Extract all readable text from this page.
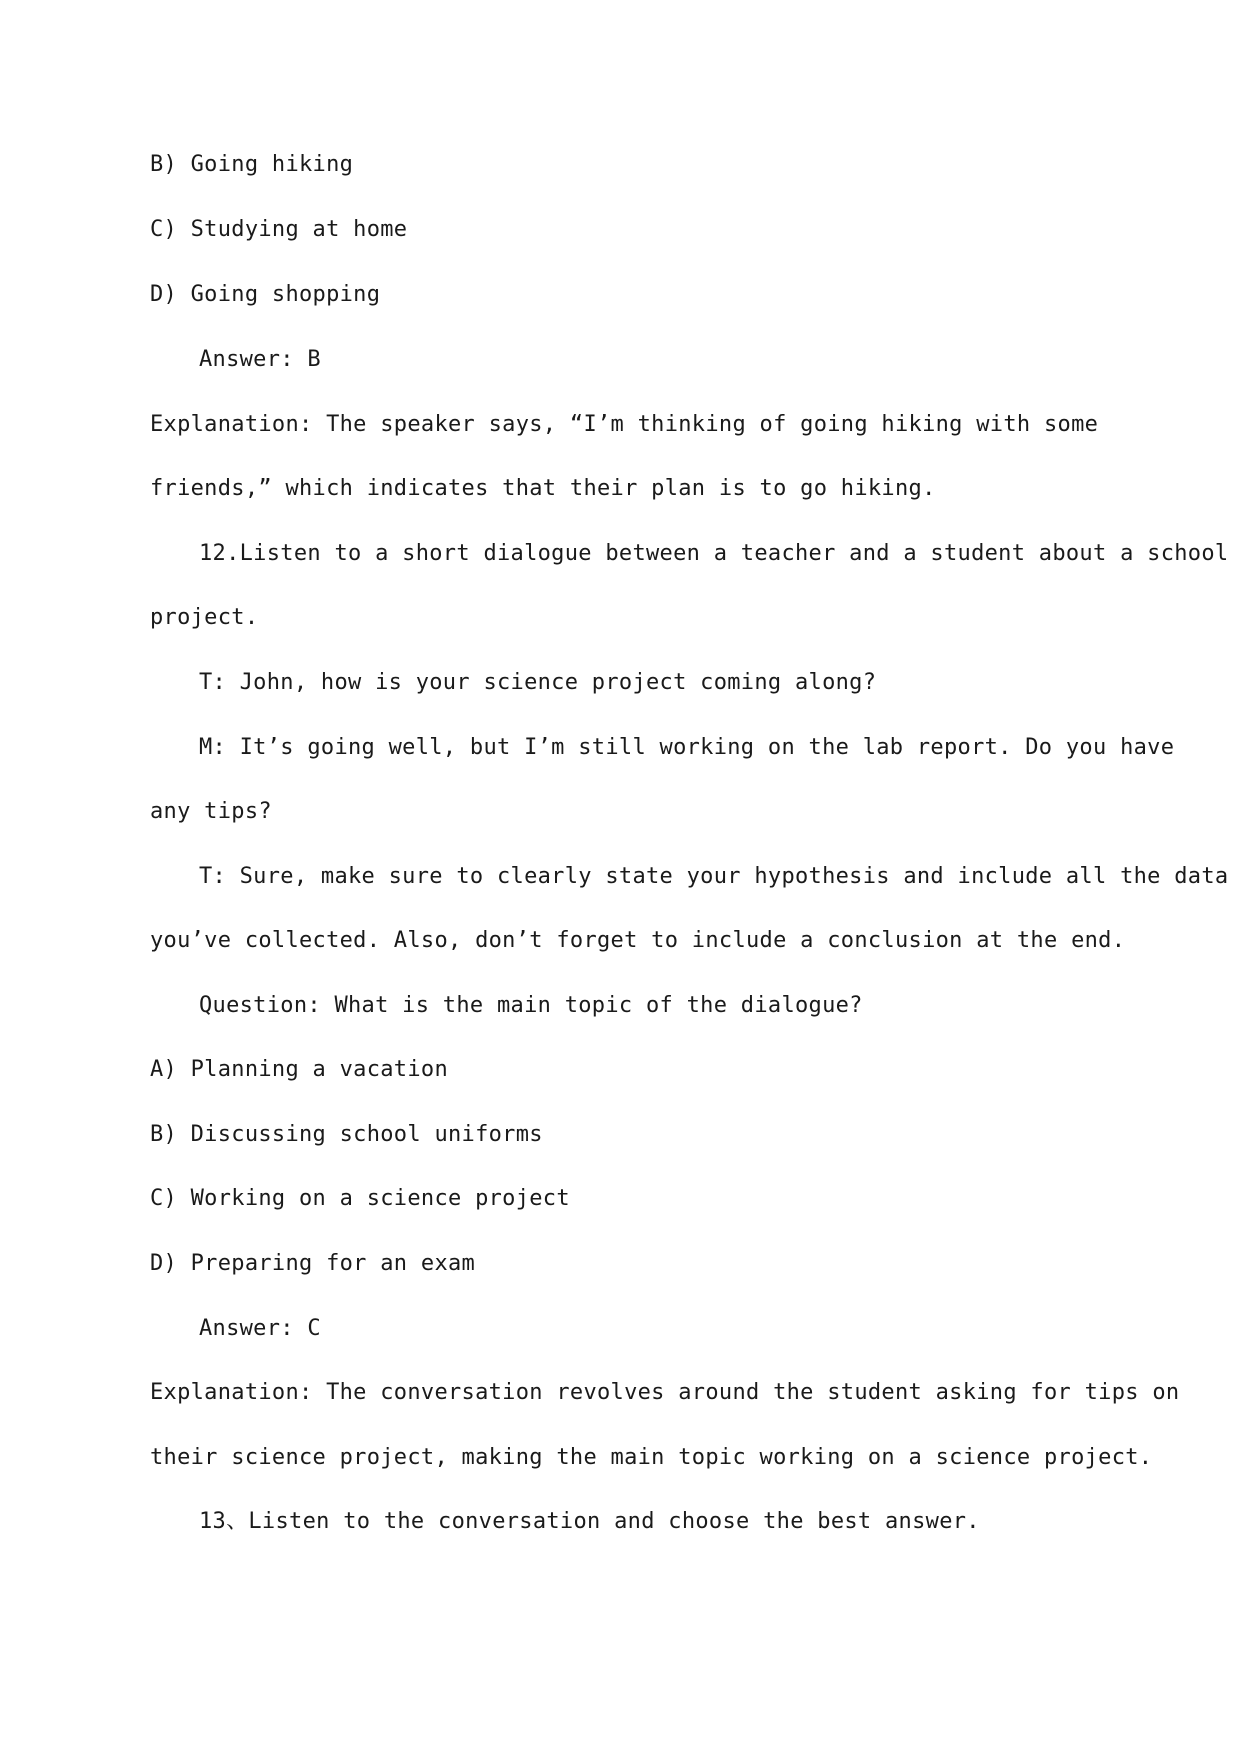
B) Going hiking
C) Studying at home
D) Going shopping
Answer: B
Explanation: The speaker says, “I’m thinking of going hiking with some
friends,” which indicates that their plan is to go hiking.
12.Listen to a short dialogue between a teacher and a student about a school
project.
T: John, how is your science project coming along?
M: It’s going well, but I’m still working on the lab report. Do you have
any tips?
T: Sure, make sure to clearly state your hypothesis and include all the data
you’ve collected. Also, don’t forget to include a conclusion at the end.
Question: What is the main topic of the dialogue?
A) Planning a vacation
B) Discussing school uniforms
C) Working on a science project
D) Preparing for an exam
Answer: C
Explanation: The conversation revolves around the student asking for tips on
their science project, making the main topic working on a science project.
13、Listen to the conversation and choose the best answer.
